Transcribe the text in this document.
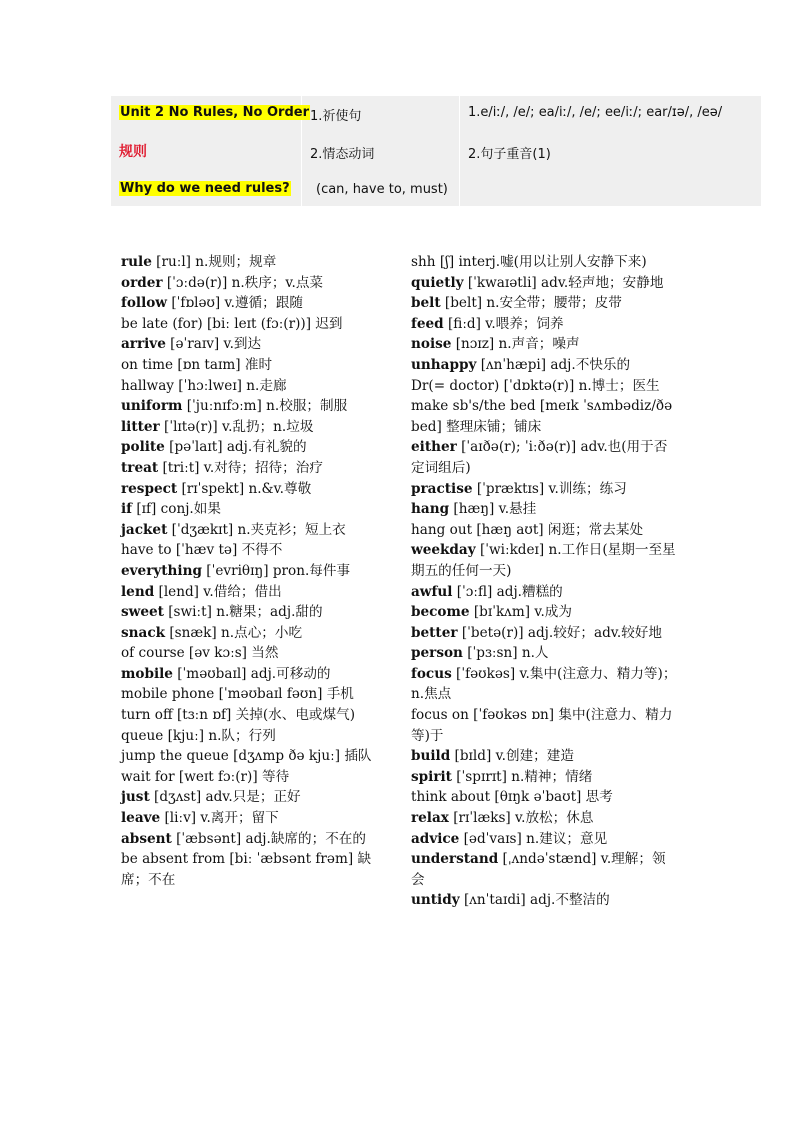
Unit 2 No Rules, No Order
规则
Why do we need rules?

1.祈使句
2.情态动词
(can, have to, must)

1.e/iː/, /e/; ea/iː/, /e/; ee/iː/; ear/ɪə/, /eə/
2.句子重音(1)
rule [ruːl] n.规则；规章
order [ˈɔːdə(r)] n.秩序；v.点菜
follow [ˈfɒləʊ] v.遵循；跟随
be late (for) [biː leɪt (fɔː(r))] 迟到
arrive [əˈraɪv] v.到达
on time [ɒn taɪm] 准时
hallway [ˈhɔːlweɪ] n.走廊
uniform [ˈjuːnɪfɔːm] n.校服；制服
litter [ˈlɪtə(r)] v.乱扔；n.垃圾
polite [pəˈlaɪt] adj.有礼貌的
treat [triːt] v.对待；招待；治疗
respect [rɪˈspekt] n.&v.尊敬
if [ɪf] conj.如果
jacket [ˈdʒækɪt] n.夹克衫；短上衣
have to [ˈhæv tə] 不得不
everything [ˈevriθɪŋ] pron.每件事
lend [lend] v.借给；借出
sweet [swiːt] n.糖果；adj.甜的
snack [snæk] n.点心；小吃
of course [əv kɔːs] 当然
mobile [ˈməʊbaɪl] adj.可移动的
mobile phone [ˈməʊbaɪl fəʊn] 手机
turn off [tɜːn ɒf] 关掉(水、电或煤气)
queue [kjuː] n.队；行列
jump the queue [dʒʌmp ðə kjuː] 插队
wait for [weɪt fɔː(r)] 等待
just [dʒʌst] adv.只是；正好
leave [liːv] v.离开；留下
absent [ˈæbsənt] adj.缺席的；不在的
be absent from [biː ˈæbsənt frəm] 缺席；不在
shh [ʃ] interj.嘘(用以让别人安静下来)
quietly [ˈkwaɪətli] adv.轻声地；安静地
belt [belt] n.安全带；腰带；皮带
feed [fiːd] v.喂养；饲养
noise [nɔɪz] n.声音；噪声
unhappy [ʌnˈhæpi] adj.不快乐的
Dr(= doctor) [ˈdɒktə(r)] n.博士；医生
make sb's/the bed [meɪk ˈsʌmbədiz/ðə bed] 整理床铺；铺床
either [ˈaɪðə(r); ˈiːðə(r)] adv.也(用于否定词组后)
practise [ˈpræktɪs] v.训练；练习
hang [hæŋ] v.悬挂
hang out [hæŋ aʊt] 闲逛；常去某处
weekday [ˈwiːkdeɪ] n.工作日(星期一至星期五的任何一天)
awful [ˈɔːfl] adj.糟糕的
become [bɪˈkʌm] v.成为
better [ˈbetə(r)] adj.较好；adv.较好地
person [ˈpɜːsn] n.人
focus [ˈfəʊkəs] v.集中(注意力、精力等)；n.焦点
focus on [ˈfəʊkəs ɒn] 集中(注意力、精力等)于
build [bɪld] v.创建；建造
spirit [ˈspɪrɪt] n.精神；情绪
think about [θɪŋk əˈbaʊt] 思考
relax [rɪˈlæks] v.放松；休息
advice [ədˈvaɪs] n.建议；意见
understand [ˌʌndəˈstænd] v.理解；领会
untidy [ʌnˈtaɪdi] adj.不整洁的
